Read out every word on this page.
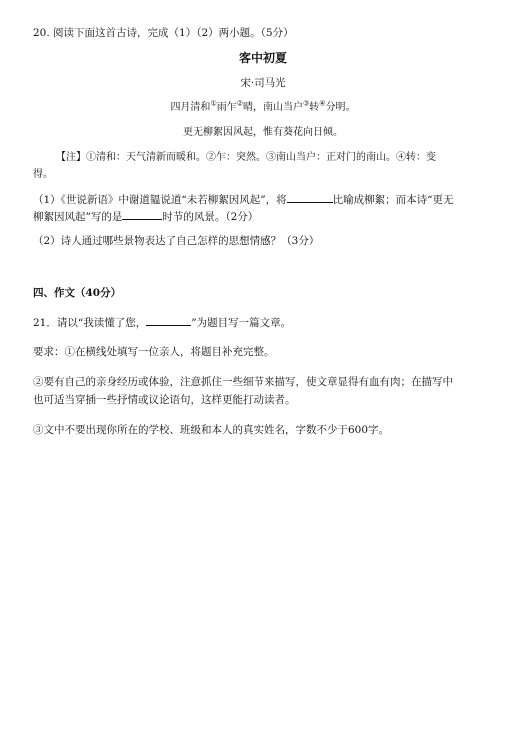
20. 阅读下面这首古诗，完成（1）（2）两小题。（5分）
客中初夏
宋·司马光
四月清和①雨乍②晴，南山当户③转④分明。
更无柳絮因风起，惟有葵花向日倾。
【注】①清和：天气清新而暖和。②乍：突然。③南山当户：正对门的南山。④转：变
得。
（1）《世说新语》中谢道韫说道“未若柳絮因风起”，将	比喻成柳絮；而本诗“更无
柳絮因风起”写的是	时节的风景。（2分）
（2）诗人通过哪些景物表达了自己怎样的思想情感？（3分）
四、作文（40分）
21．请以“我读懂了您，	”为题目写一篇文章。
要求：①在横线处填写一位亲人，将题目补充完整。
②要有自己的亲身经历或体验，注意抓住一些细节来描写，使文章显得有血有肉；在描写中
也可适当穿插一些抒情或议论语句，这样更能打动读者。
③文中不要出现你所在的学校、班级和本人的真实姓名，字数不少于600字。
